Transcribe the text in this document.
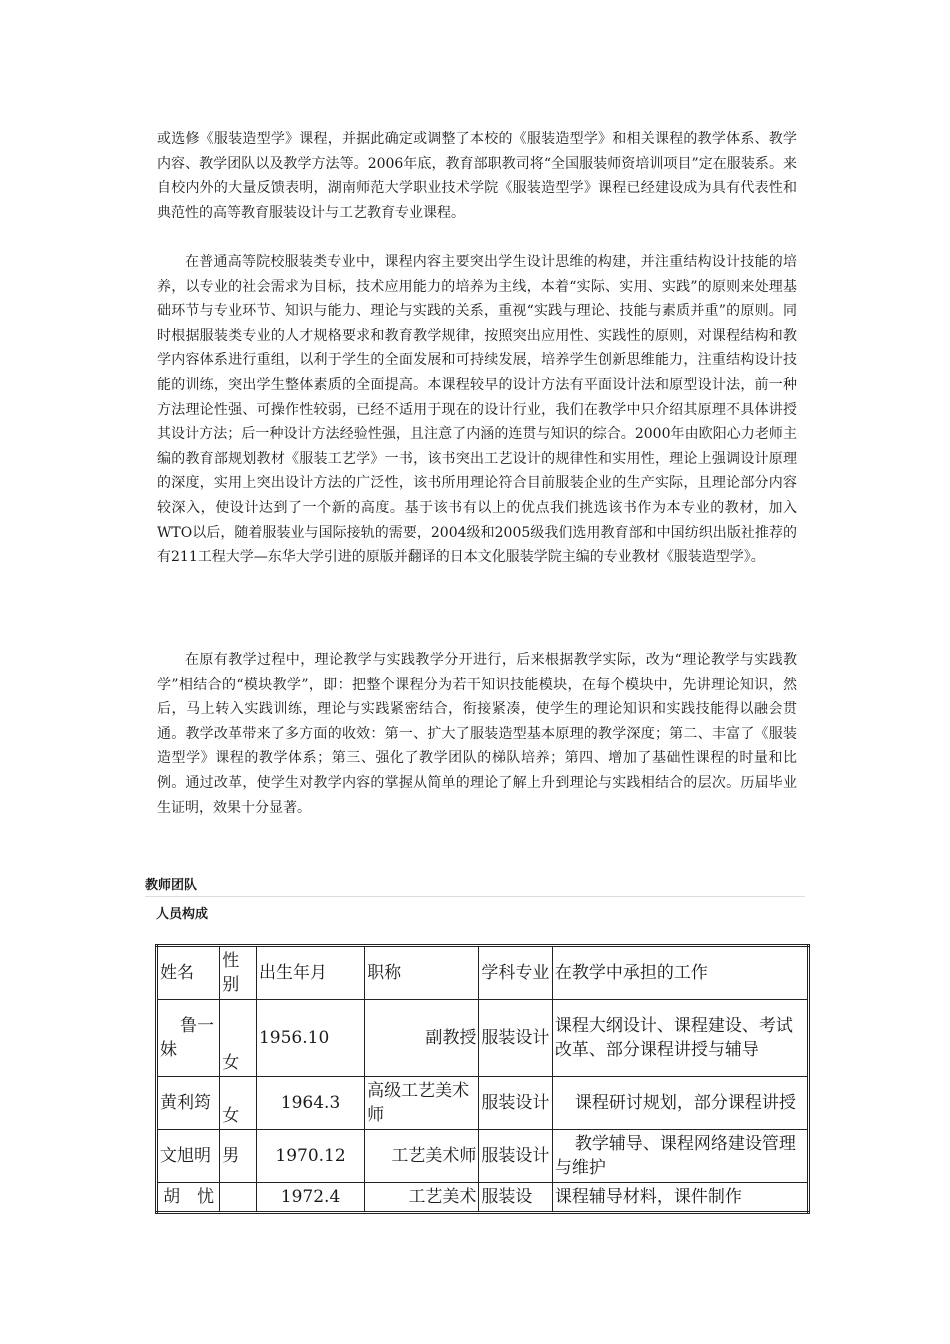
或选修《服装造型学》课程，并据此确定或调整了本校的《服装造型学》和相关课程的教学体系、教学内容、教学团队以及教学方法等。2006年底，教育部职教司将“全国服装师资培训项目”定在服装系。来自校内外的大量反馈表明，湖南师范大学职业技术学院《服装造型学》课程已经建设成为具有代表性和典范性的高等教育服装设计与工艺教育专业课程。

在普通高等院校服装类专业中，课程内容主要突出学生设计思维的构建，并注重结构设计技能的培养，以专业的社会需求为目标，技术应用能力的培养为主线，本着“实际、实用、实践”的原则来处理基础环节与专业环节、知识与能力、理论与实践的关系，重视“实践与理论、技能与素质并重”的原则。同时根据服装类专业的人才规格要求和教育教学规律，按照突出应用性、实践性的原则，对课程结构和教学内容体系进行重组，以利于学生的全面发展和可持续发展，培养学生创新思维能力，注重结构设计技能的训练，突出学生整体素质的全面提高。本课程较早的设计方法有平面设计法和原型设计法，前一种方法理论性强、可操作性较弱，已经不适用于现在的设计行业，我们在教学中只介绍其原理不具体讲授其设计方法；后一种设计方法经验性强，且注意了内涵的连贯与知识的综合。2000年由欧阳心力老师主编的教育部规划教材《服装工艺学》一书，该书突出工艺设计的规律性和实用性，理论上强调设计原理的深度，实用上突出设计方法的广泛性，该书所用理论符合目前服装企业的生产实际，且理论部分内容较深入，使设计达到了一个新的高度。基于该书有以上的优点我们挑选该书作为本专业的教材，加入WTO以后，随着服装业与国际接轨的需要，2004级和2005级我们选用教育部和中国纺织出版社推荐的有211工程大学—东华大学引进的原版并翻译的日本文化服装学院主编的专业教材《服装造型学》。

在原有教学过程中，理论教学与实践教学分开进行，后来根据教学实际，改为“理论教学与实践教学”相结合的“模块教学”，即：把整个课程分为若干知识技能模块，在每个模块中，先讲理论知识，然后，马上转入实践训练，理论与实践紧密结合，衔接紧凑，使学生的理论知识和实践技能得以融会贯通。教学改革带来了多方面的收效：第一、扩大了服装造型基本原理的教学深度；第二、丰富了《服装造型学》课程的教学体系；第三、强化了教学团队的梯队培养；第四、增加了基础性课程的时量和比例。通过改革，使学生对教学内容的掌握从简单的理论了解上升到理论与实践相结合的层次。历届毕业生证明，效果十分显著。

教师团队
人员构成
姓名	性别	出生年月	职称	学科专业	在教学中承担的工作
鲁一妹	女	1956.10	副教授	服装设计	课程大纲设计、课程建设、考试改革、部分课程讲授与辅导
黄利筠	女	1964.3	高级工艺美术师	服装设计	课程研讨规划，部分课程讲授
文旭明	男	1970.12	工艺美术师	服装设计	教学辅导、课程网络建设管理与维护
胡　忧		1972.4	工艺美术	服装设	课程辅导材料，课件制作
